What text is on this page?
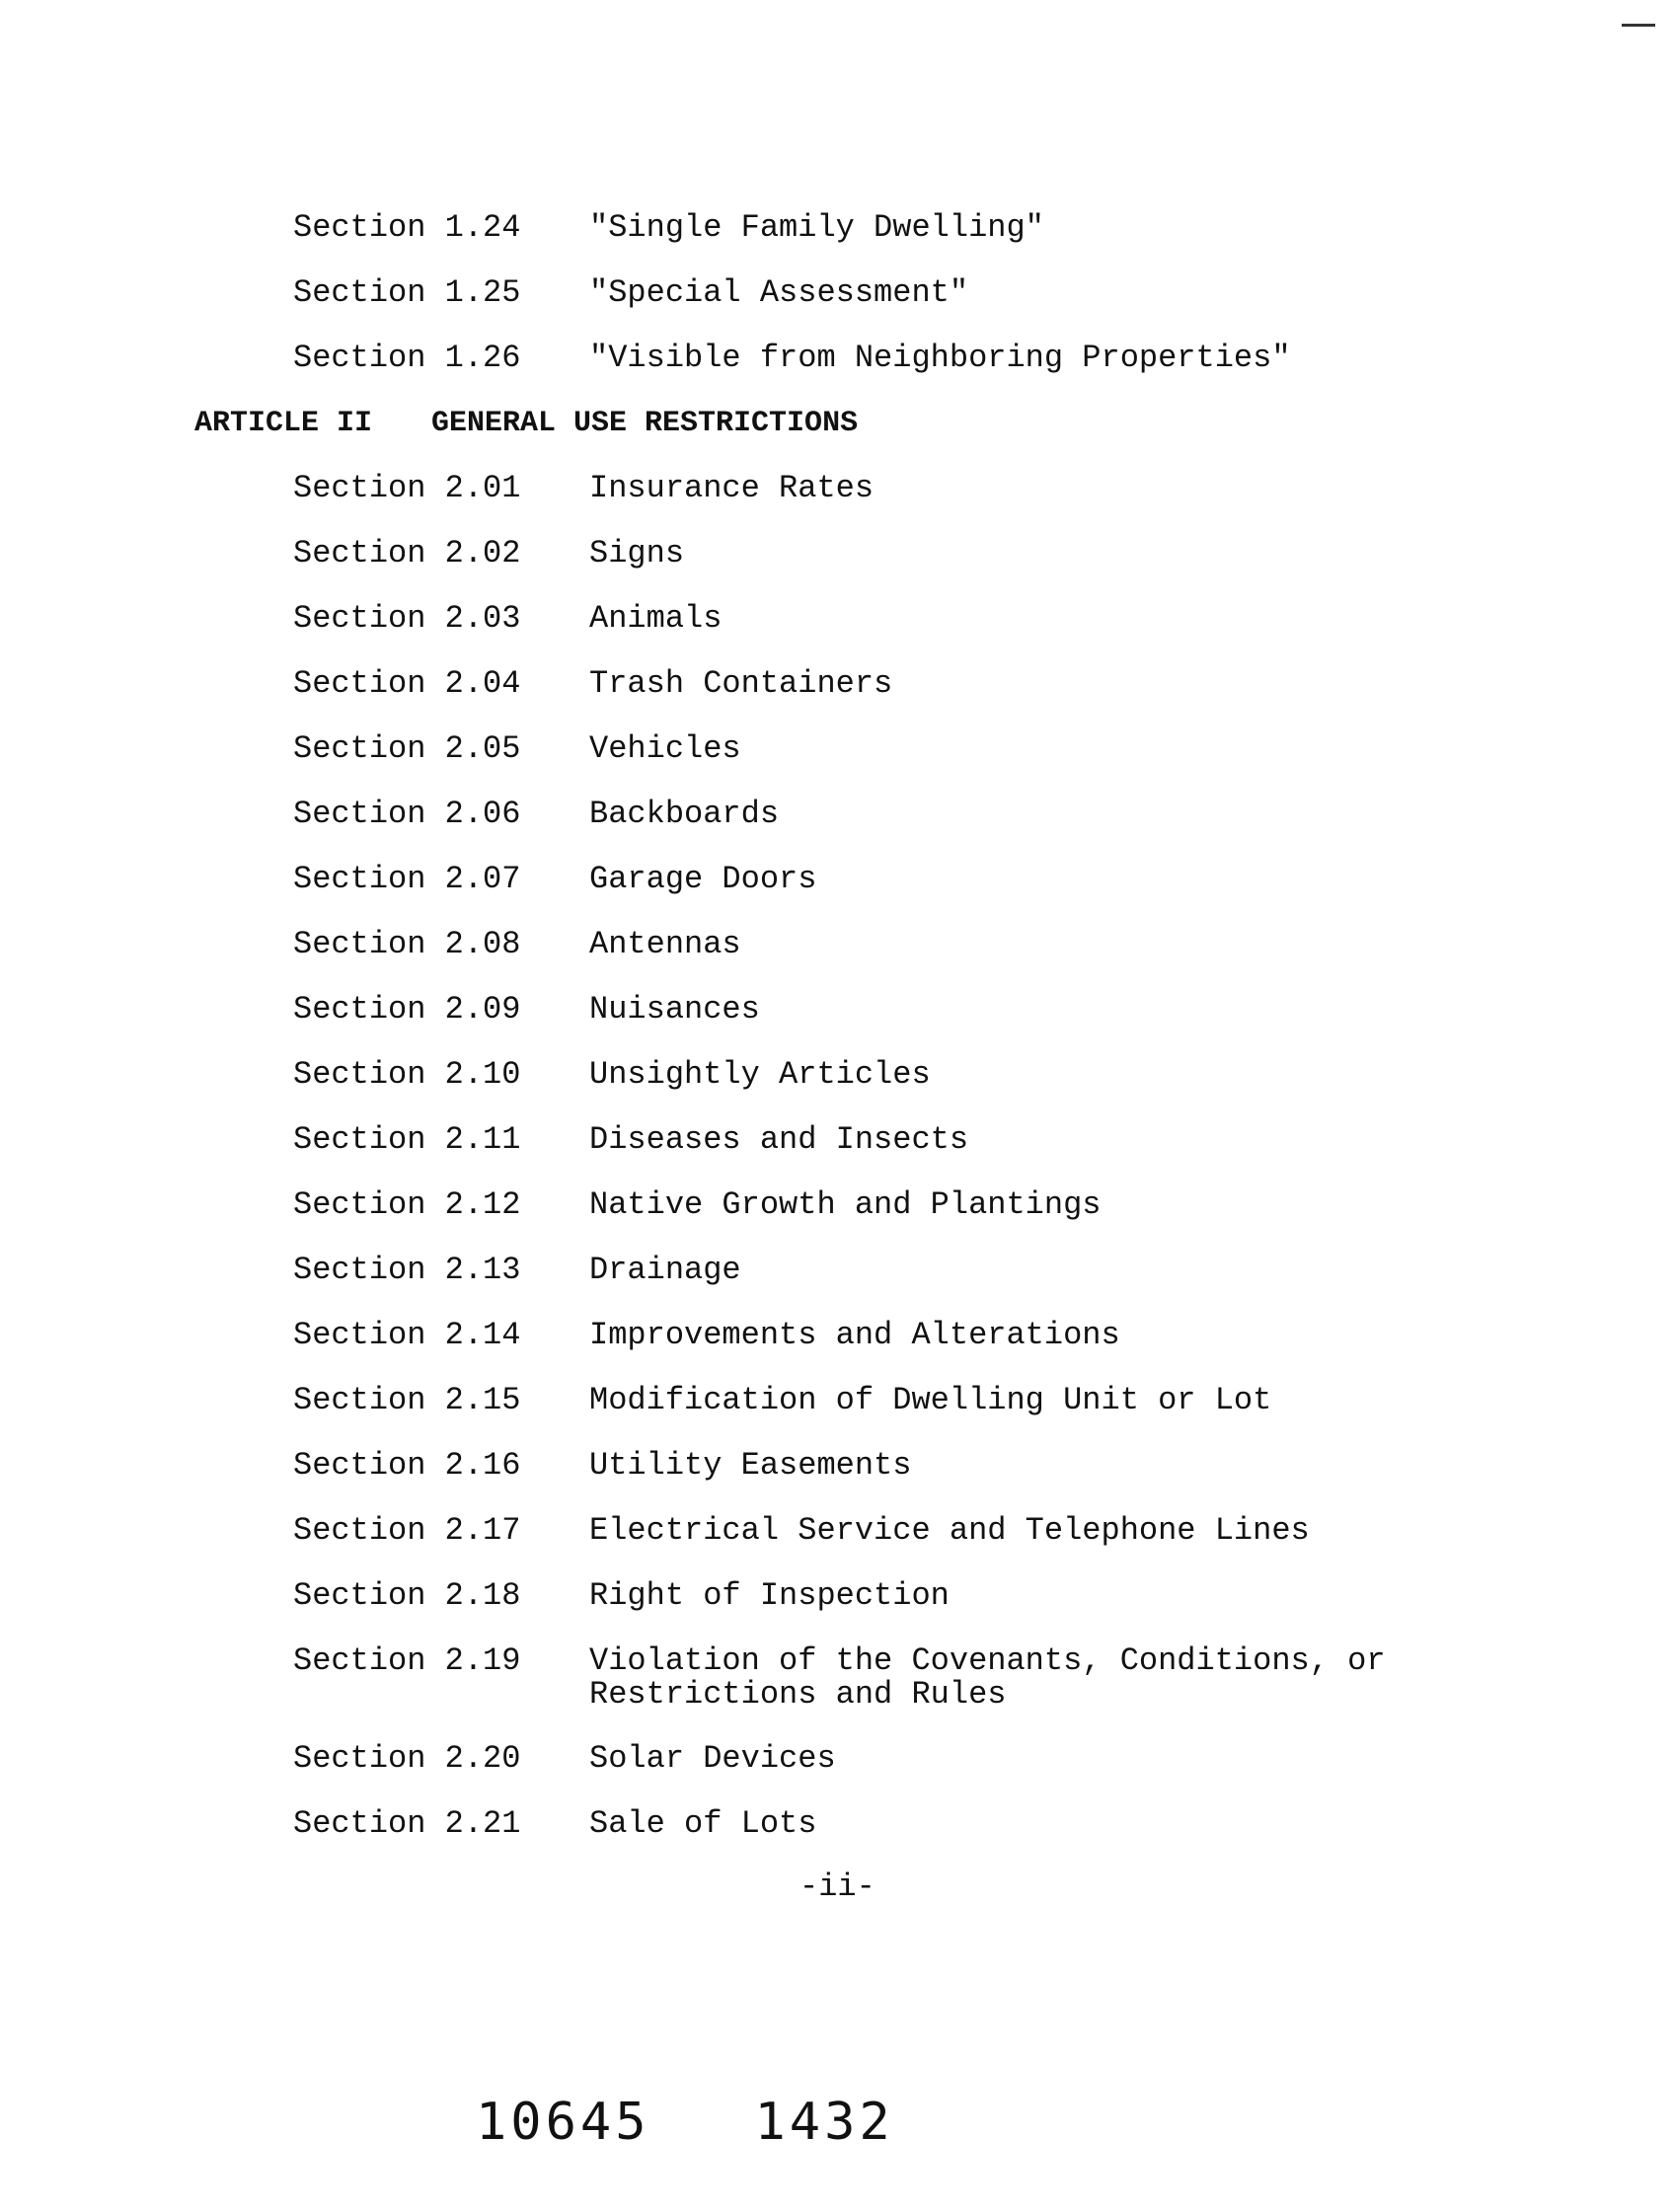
Section 1.24 "Single Family Dwelling"
Section 1.25 "Special Assessment"
Section 1.26 "Visible from Neighboring Properties"
ARTICLE II GENERAL USE RESTRICTIONS
Section 2.01 Insurance Rates
Section 2.02 Signs
Section 2.03 Animals
Section 2.04 Trash Containers
Section 2.05 Vehicles
Section 2.06 Backboards
Section 2.07 Garage Doors
Section 2.08 Antennas
Section 2.09 Nuisances
Section 2.10 Unsightly Articles
Section 2.11 Diseases and Insects
Section 2.12 Native Growth and Plantings
Section 2.13 Drainage
Section 2.14 Improvements and Alterations
Section 2.15 Modification of Dwelling Unit or Lot
Section 2.16 Utility Easements
Section 2.17 Electrical Service and Telephone Lines
Section 2.18 Right of Inspection
Section 2.19 Violation of the Covenants, Conditions, or Restrictions and Rules
Section 2.20 Solar Devices
Section 2.21 Sale of Lots
-ii-
10645   1432
